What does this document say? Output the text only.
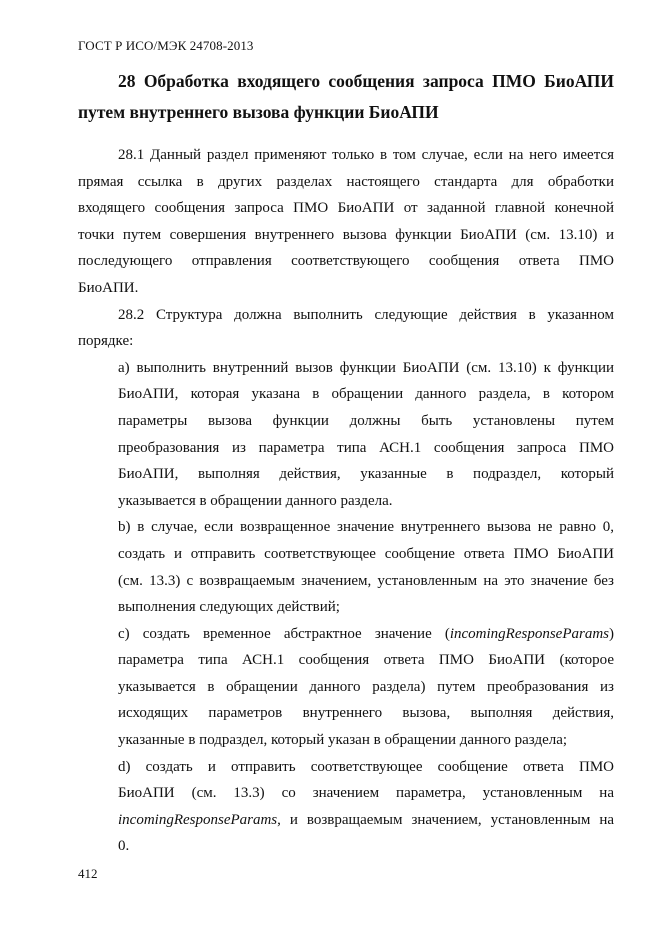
ГОСТ Р ИСО/МЭК 24708-2013
28 Обработка входящего сообщения запроса ПМО БиоАПИ
путем внутреннего вызова функции БиоАПИ
28.1 Данный раздел применяют только в том случае, если на него имеется
прямая ссылка в других разделах настоящего стандарта для обработки
входящего сообщения запроса ПМО БиоАПИ от заданной главной конечной
точки путем совершения внутреннего вызова функции БиоАПИ (см. 13.10) и
последующего отправления соответствующего сообщения ответа ПМО
БиоАПИ.
28.2 Структура должна выполнить следующие действия в указанном
порядке:
a) выполнить внутренний вызов функции БиоАПИ (см. 13.10) к функции
БиоАПИ, которая указана в обращении данного раздела, в котором
параметры вызова функции должны быть установлены путем
преобразования из параметра типа АСН.1 сообщения запроса ПМО
БиоАПИ, выполняя действия, указанные в подраздел, который
указывается в обращении данного раздела.
b) в случае, если возвращенное значение внутреннего вызова не равно 0,
создать и отправить соответствующее сообщение ответа ПМО БиоАПИ
(см. 13.3) с возвращаемым значением, установленным на это значение без
выполнения следующих действий;
c) создать временное абстрактное значение (incomingResponseParams)
параметра типа АСН.1 сообщения ответа ПМО БиоАПИ (которое
указывается в обращении данного раздела) путем преобразования из
исходящих параметров внутреннего вызова, выполняя действия,
указанные в подраздел, который указан в обращении данного раздела;
d) создать и отправить соответствующее сообщение ответа ПМО
БиоАПИ (см. 13.3) со значением параметра, установленным на
incomingResponseParams, и возвращаемым значением, установленным на
0.
412
